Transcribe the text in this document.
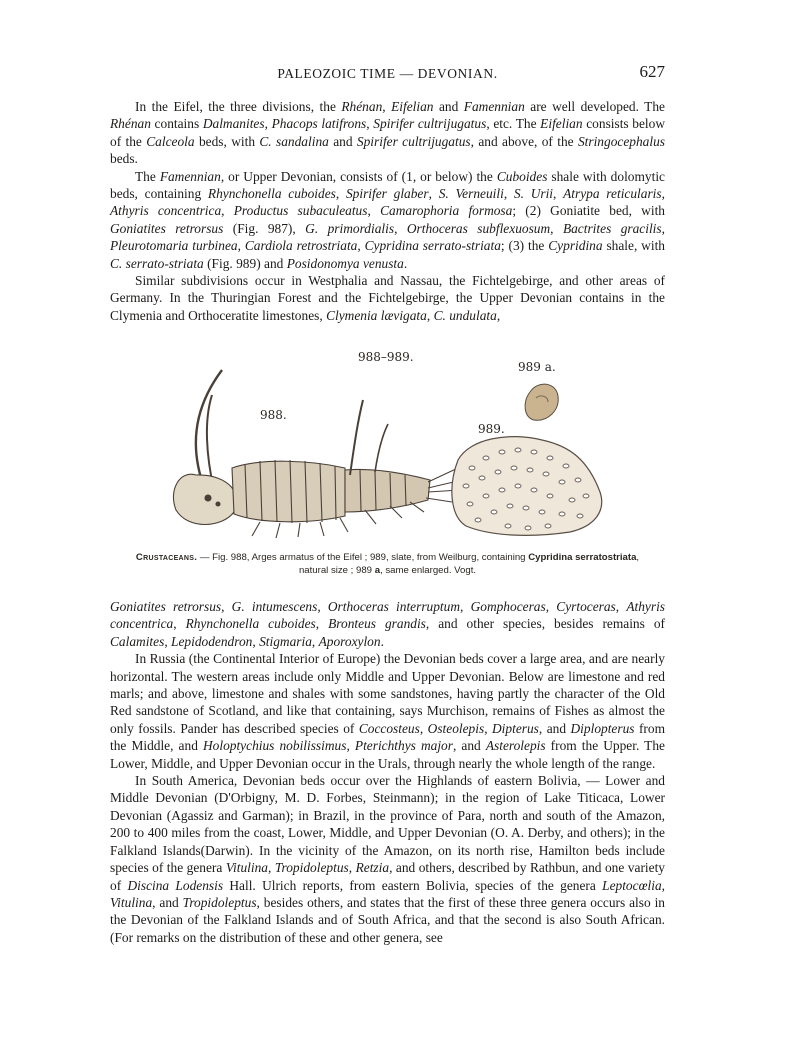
PALEOZOIC TIME — DEVONIAN.	627

In the Eifel, the three divisions, the Rhénan, Eifelian and Famennian are well developed. The Rhénan contains Dalmanites, Phacops latifrons, Spirifer cultrijugatus, etc. The Eifelian consists below of the Calceola beds, with C. sandalina and Spirifer cultrijugatus, and above, of the Stringocephalus beds.

The Famennian, or Upper Devonian, consists of (1, or below) the Cuboides shale with dolomytic beds, containing Rhynchonella cuboides, Spirifer glaber, S. Verneuili, S. Urii, Atrypa reticularis, Athyris concentrica, Productus subaculeatus, Camarophoria formosa; (2) Goniatite bed, with Goniatites retrorsus (Fig. 987), G. primordialis, Orthoceras subflexuosum, Bactrites gracilis, Pleurotomaria turbinea, Cardiola retrostriata, Cypridina serrato-striata; (3) the Cypridina shale, with C. serrato-striata (Fig. 989) and Posidonomya venusta.

Similar subdivisions occur in Westphalia and Nassau, the Fichtelgebirge, and other areas of Germany. In the Thuringian Forest and the Fichtelgebirge, the Upper Devonian contains in the Clymenia and Orthoceratite limestones, Clymenia lævigata, C. undulata,

988–989.
988.
989.
989 a.
Crustaceans. — Fig. 988, Arges armatus of the Eifel ; 989, slate, from Weilburg, containing Cypridina serratostriata, natural size ; 989 a, same enlarged. Vogt.

Goniatites retrorsus, G. intumescens, Orthoceras interruptum, Gomphoceras, Cyrtoceras, Athyris concentrica, Rhynchonella cuboides, Bronteus grandis, and other species, besides remains of Calamites, Lepidodendron, Stigmaria, Aporoxylon.

In Russia (the Continental Interior of Europe) the Devonian beds cover a large area, and are nearly horizontal. The western areas include only Middle and Upper Devonian. Below are limestone and red marls; and above, limestone and shales with some sandstones, having partly the character of the Old Red sandstone of Scotland, and like that containing, says Murchison, remains of Fishes as almost the only fossils. Pander has described species of Coccosteus, Osteolepis, Dipterus, and Diplopterus from the Middle, and Holoptychius nobilissimus, Pterichthys major, and Asterolepis from the Upper. The Lower, Middle, and Upper Devonian occur in the Urals, through nearly the whole length of the range.

In South America, Devonian beds occur over the Highlands of eastern Bolivia, — Lower and Middle Devonian (D'Orbigny, M. D. Forbes, Steinmann); in the region of Lake Titicaca, Lower Devonian (Agassiz and Garman); in Brazil, in the province of Para, north and south of the Amazon, 200 to 400 miles from the coast, Lower, Middle, and Upper Devonian (O. A. Derby, and others); in the Falkland Islands(Darwin). In the vicinity of the Amazon, on its north rise, Hamilton beds include species of the genera Vitulina, Tropidoleptus, Retzia, and others, described by Rathbun, and one variety of Discina Lodensis Hall. Ulrich reports, from eastern Bolivia, species of the genera Leptocœlia, Vitulina, and Tropidoleptus, besides others, and states that the first of these three genera occurs also in the Devonian of the Falkland Islands and of South Africa, and that the second is also South African. (For remarks on the distribution of these and other genera, see
